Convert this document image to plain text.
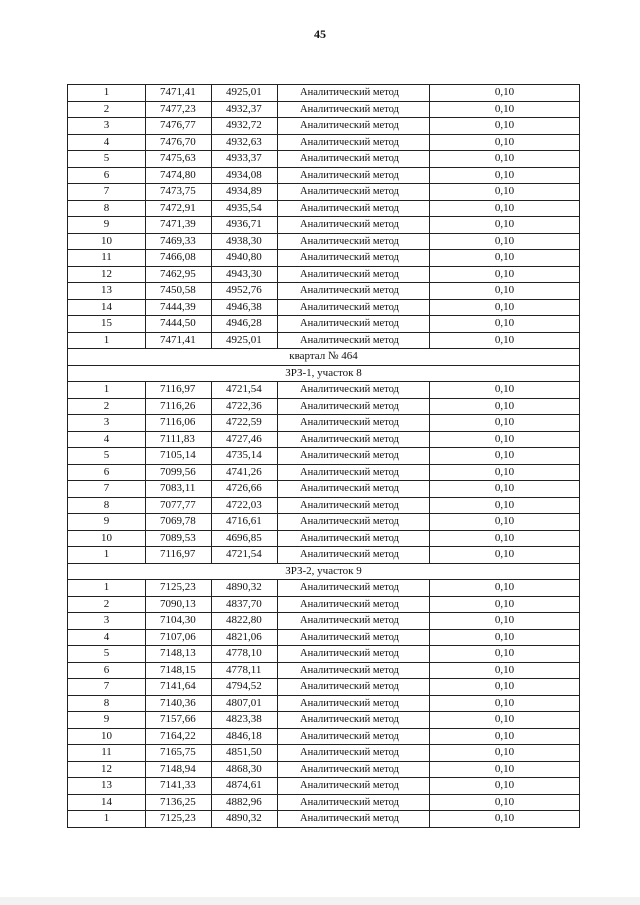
45
1	7471,41	4925,01	Аналитический метод	0,10
2	7477,23	4932,37	Аналитический метод	0,10
3	7476,77	4932,72	Аналитический метод	0,10
4	7476,70	4932,63	Аналитический метод	0,10
5	7475,63	4933,37	Аналитический метод	0,10
6	7474,80	4934,08	Аналитический метод	0,10
7	7473,75	4934,89	Аналитический метод	0,10
8	7472,91	4935,54	Аналитический метод	0,10
9	7471,39	4936,71	Аналитический метод	0,10
10	7469,33	4938,30	Аналитический метод	0,10
11	7466,08	4940,80	Аналитический метод	0,10
12	7462,95	4943,30	Аналитический метод	0,10
13	7450,58	4952,76	Аналитический метод	0,10
14	7444,39	4946,38	Аналитический метод	0,10
15	7444,50	4946,28	Аналитический метод	0,10
1	7471,41	4925,01	Аналитический метод	0,10
квартал № 464				
ЗРЗ-1, участок 8				
1	7116,97	4721,54	Аналитический метод	0,10
2	7116,26	4722,36	Аналитический метод	0,10
3	7116,06	4722,59	Аналитический метод	0,10
4	7111,83	4727,46	Аналитический метод	0,10
5	7105,14	4735,14	Аналитический метод	0,10
6	7099,56	4741,26	Аналитический метод	0,10
7	7083,11	4726,66	Аналитический метод	0,10
8	7077,77	4722,03	Аналитический метод	0,10
9	7069,78	4716,61	Аналитический метод	0,10
10	7089,53	4696,85	Аналитический метод	0,10
1	7116,97	4721,54	Аналитический метод	0,10
ЗРЗ-2, участок 9				
1	7125,23	4890,32	Аналитический метод	0,10
2	7090,13	4837,70	Аналитический метод	0,10
3	7104,30	4822,80	Аналитический метод	0,10
4	7107,06	4821,06	Аналитический метод	0,10
5	7148,13	4778,10	Аналитический метод	0,10
6	7148,15	4778,11	Аналитический метод	0,10
7	7141,64	4794,52	Аналитический метод	0,10
8	7140,36	4807,01	Аналитический метод	0,10
9	7157,66	4823,38	Аналитический метод	0,10
10	7164,22	4846,18	Аналитический метод	0,10
11	7165,75	4851,50	Аналитический метод	0,10
12	7148,94	4868,30	Аналитический метод	0,10
13	7141,33	4874,61	Аналитический метод	0,10
14	7136,25	4882,96	Аналитический метод	0,10
1	7125,23	4890,32	Аналитический метод	0,10
